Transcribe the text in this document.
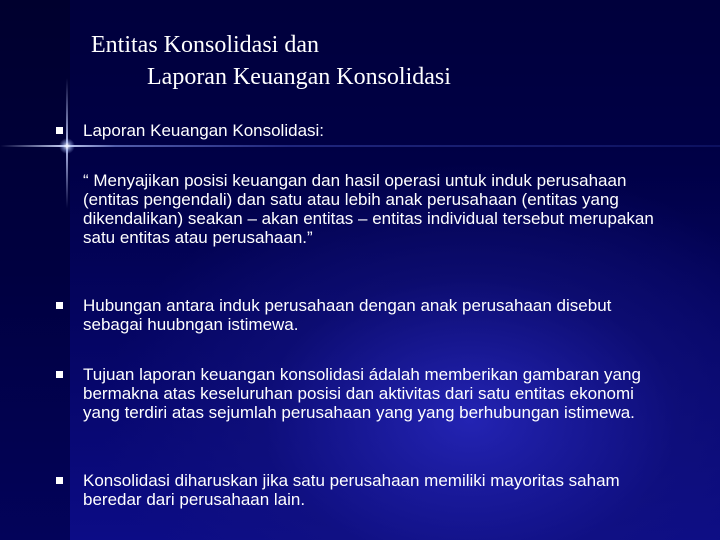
Entitas Konsolidasi dan
Laporan Keuangan Konsolidasi
Laporan Keuangan Konsolidasi:
“ Menyajikan posisi keuangan dan hasil operasi untuk induk perusahaan (entitas pengendali) dan satu atau lebih anak perusahaan (entitas yang dikendalikan) seakan – akan entitas – entitas individual tersebut merupakan satu entitas atau perusahaan.”
Hubungan antara induk perusahaan dengan anak perusahaan disebut sebagai huubngan istimewa.
Tujuan laporan keuangan konsolidasi ádalah memberikan gambaran yang bermakna atas keseluruhan posisi dan aktivitas dari satu entitas ekonomi yang terdiri atas sejumlah perusahaan yang yang berhubungan istimewa.
Konsolidasi diharuskan jika satu perusahaan memiliki mayoritas saham beredar dari perusahaan lain.
